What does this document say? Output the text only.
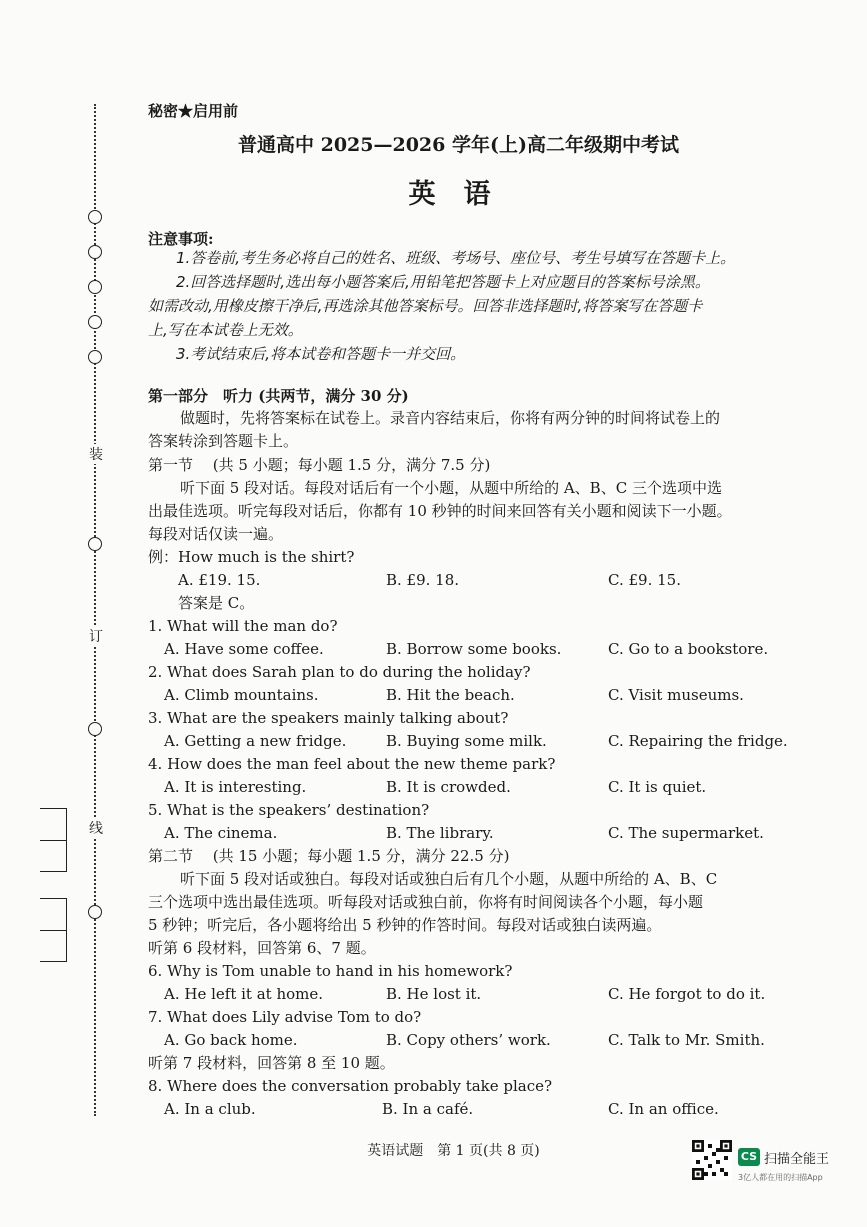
装
订
线
秘密★启用前
普通高中 2025—2026 学年(上)高二年级期中考试
英语
注意事项:
1.答卷前,考生务必将自己的姓名、班级、考场号、座位号、考生号填写在答题卡上。
2.回答选择题时,选出每小题答案后,用铅笔把答题卡上对应题目的答案标号涂黑。
如需改动,用橡皮擦干净后,再选涂其他答案标号。回答非选择题时,将答案写在答题卡
上,写在本试卷上无效。
3.考试结束后,将本试卷和答题卡一并交回。
第一部分　听力 (共两节，满分 30 分)
做题时，先将答案标在试卷上。录音内容结束后，你将有两分钟的时间将试卷上的
答案转涂到答题卡上。
第一节　 (共 5 小题；每小题 1.5 分，满分 7.5 分)
听下面 5 段对话。每段对话后有一个小题，从题中所给的 A、B、C 三个选项中选
出最佳选项。听完每段对话后，你都有 10 秒钟的时间来回答有关小题和阅读下一小题。
每段对话仅读一遍。
例：How much is the shirt?
A. £19. 15.	B. £9. 18.	C. £9. 15.
答案是 C。
1. What will the man do?
A. Have some coffee.	B. Borrow some books.	C. Go to a bookstore.
2. What does Sarah plan to do during the holiday?
A. Climb mountains.	B. Hit the beach.	C. Visit museums.
3. What are the speakers mainly talking about?
A. Getting a new fridge.	B. Buying some milk.	C. Repairing the fridge.
4. How does the man feel about the new theme park?
A. It is interesting.	B. It is crowded.	C. It is quiet.
5. What is the speakers’ destination?
A. The cinema.	B. The library.	C. The supermarket.
第二节　 (共 15 小题；每小题 1.5 分，满分 22.5 分)
听下面 5 段对话或独白。每段对话或独白后有几个小题，从题中所给的 A、B、C
三个选项中选出最佳选项。听每段对话或独白前，你将有时间阅读各个小题，每小题
5 秒钟；听完后，各小题将给出 5 秒钟的作答时间。每段对话或独白读两遍。
听第 6 段材料，回答第 6、7 题。
6. Why is Tom unable to hand in his homework?
A. He left it at home.	B. He lost it.	C. He forgot to do it.
7. What does Lily advise Tom to do?
A. Go back home.	B. Copy others’ work.	C. Talk to Mr. Smith.
听第 7 段材料，回答第 8 至 10 题。
8. Where does the conversation probably take place?
A. In a club.	B. In a café.	C. In an office.
英语试题　第 1 页(共 8 页)	CS 扫描全能王
3亿人都在用的扫描App
